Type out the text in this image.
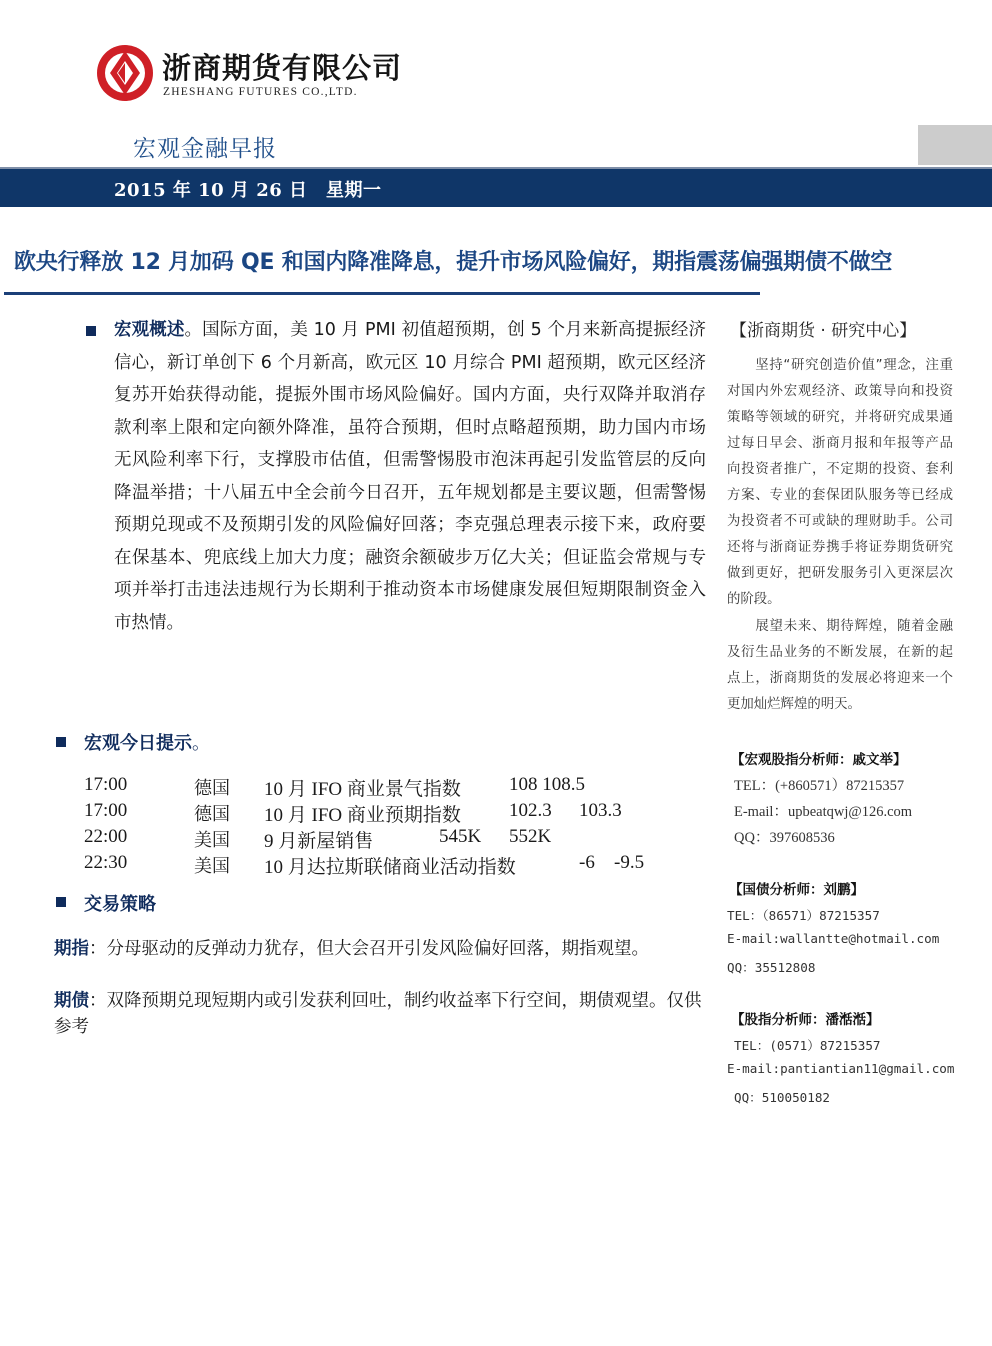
浙商期货有限公司
ZHESHANG FUTURES CO.,LTD.
宏观金融早报
2015 年 10 月 26 日　星期一
欧央行释放 12 月加码 QE 和国内降准降息，提升市场风险偏好，期指震荡偏强期债不做空
宏观概述。国际方面，美 10 月 PMI 初值超预期，创 5 个月来新高提振经济信心，新订单创下 6 个月新高，欧元区 10 月综合 PMI 超预期，欧元区经济复苏开始获得动能，提振外围市场风险偏好。国内方面，央行双降并取消存款利率上限和定向额外降准，虽符合预期，但时点略超预期，助力国内市场无风险利率下行，支撑股市估值，但需警惕股市泡沫再起引发监管层的反向降温举措；十八届五中全会前今日召开，五年规划都是主要议题，但需警惕预期兑现或不及预期引发的风险偏好回落；李克强总理表示接下来，政府要在保基本、兜底线上加大力度；融资余额破步万亿大关；但证监会常规与专项并举打击违法违规行为长期利于推动资本市场健康发展但短期限制资金入市热情。
宏观今日提示。
17:00	德国 10 月 IFO 商业景气指数	108 108.5
17:00	德国 10 月 IFO 商业预期指数	102.3 103.3
22:00	美国 9 月新屋销售	545K 552K
22:30	美国 10 月达拉斯联储商业活动指数	-6 -9.5
交易策略
期指：分母驱动的反弹动力犹存，但大会召开引发风险偏好回落，期指观望。
期债：双降预期兑现短期内或引发获利回吐，制约收益率下行空间，期债观望。仅供参考
【浙商期货 · 研究中心】
　　坚持“研究创造价值”理念，注重对国内外宏观经济、政策导向和投资策略等领域的研究，并将研究成果通过每日早会、浙商月报和年报等产品向投资者推广，不定期的投资、套利方案、专业的套保团队服务等已经成为投资者不可或缺的理财助手。公司还将与浙商证券携手将证券期货研究做到更好，把研发服务引入更深层次的阶段。
　　展望未来、期待辉煌，随着金融及衍生品业务的不断发展，在新的起点上，浙商期货的发展必将迎来一个更加灿烂辉煌的明天。
【宏观股指分析师：戚文举】
TEL：(+860571）87215357
E-mail：upbeatqwj@126.com
QQ：397608536
【国债分析师：刘鹏】
TEL：（86571）87215357
E-mail:wallantte@hotmail.com
QQ：35512808
【股指分析师：潘湉湉】
TEL：(0571）87215357
E-mail:pantiantian11@gmail.com
QQ：510050182
